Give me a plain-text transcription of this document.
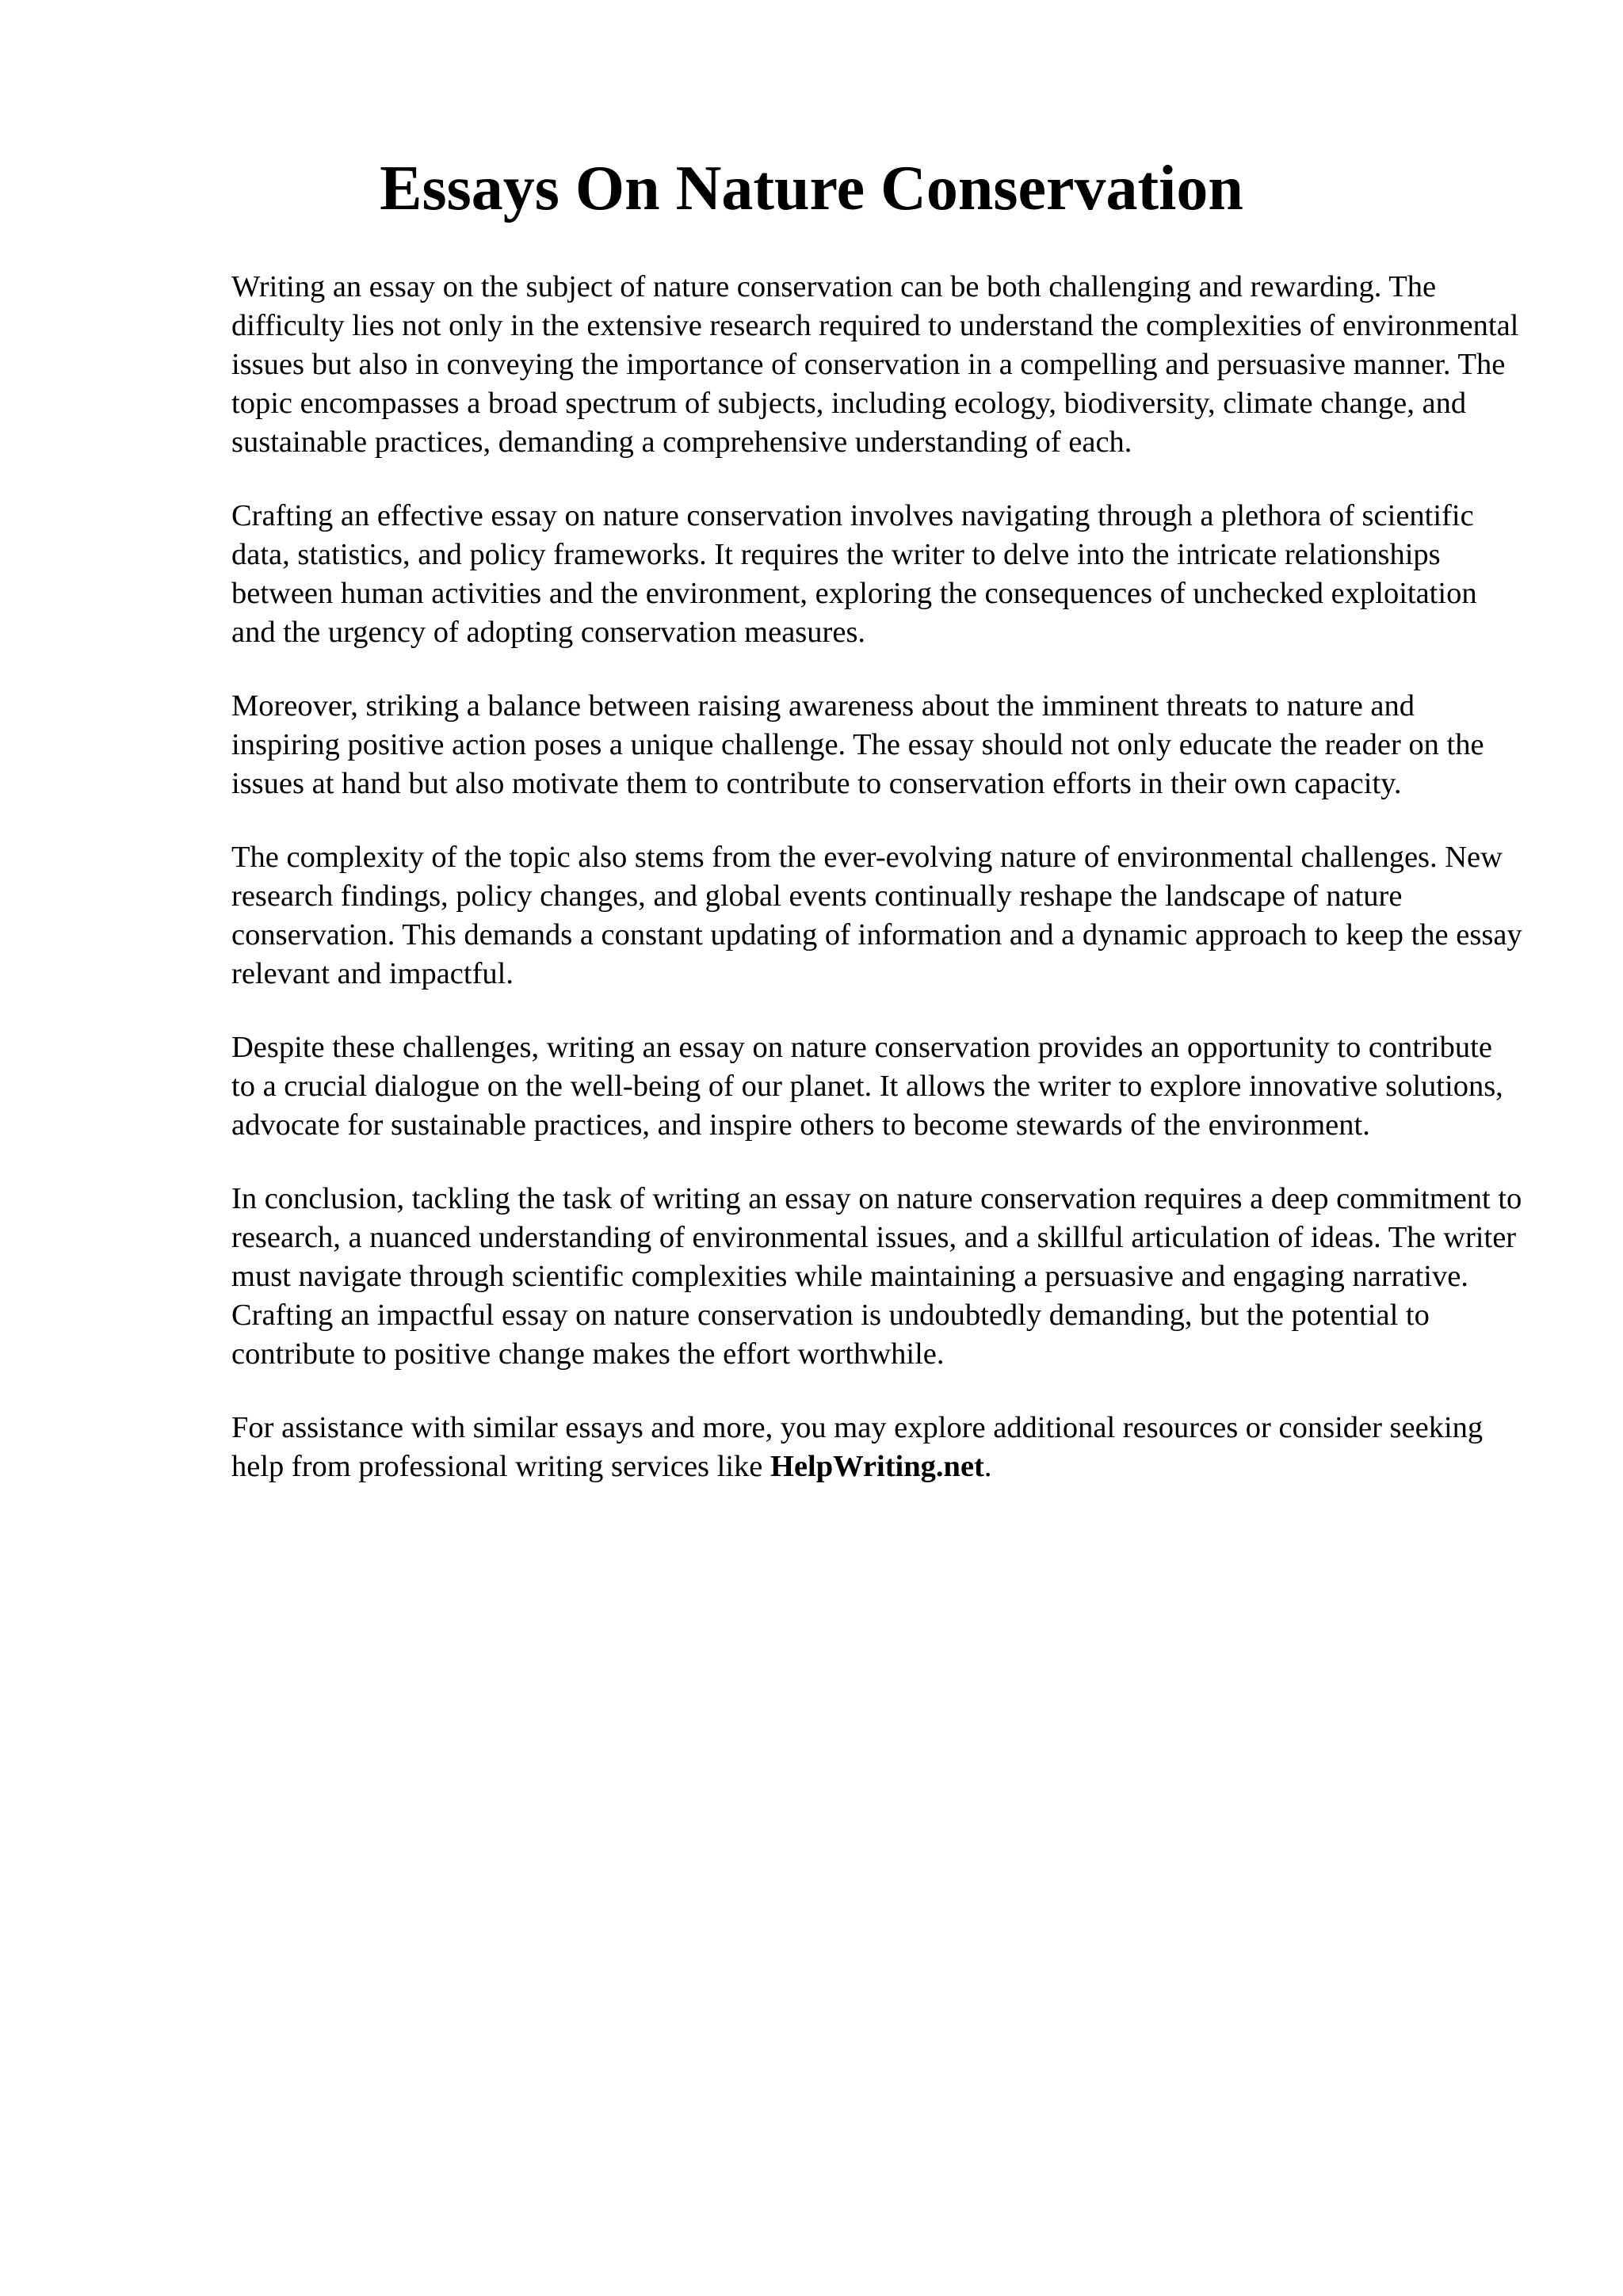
Essays On Nature Conservation

Writing an essay on the subject of nature conservation can be both challenging and rewarding. The difficulty lies not only in the extensive research required to understand the complexities of environmental issues but also in conveying the importance of conservation in a compelling and persuasive manner. The topic encompasses a broad spectrum of subjects, including ecology, biodiversity, climate change, and sustainable practices, demanding a comprehensive understanding of each.

Crafting an effective essay on nature conservation involves navigating through a plethora of scientific data, statistics, and policy frameworks. It requires the writer to delve into the intricate relationships between human activities and the environment, exploring the consequences of unchecked exploitation and the urgency of adopting conservation measures.

Moreover, striking a balance between raising awareness about the imminent threats to nature and inspiring positive action poses a unique challenge. The essay should not only educate the reader on the issues at hand but also motivate them to contribute to conservation efforts in their own capacity.

The complexity of the topic also stems from the ever-evolving nature of environmental challenges. New research findings, policy changes, and global events continually reshape the landscape of nature conservation. This demands a constant updating of information and a dynamic approach to keep the essay relevant and impactful.

Despite these challenges, writing an essay on nature conservation provides an opportunity to contribute to a crucial dialogue on the well-being of our planet. It allows the writer to explore innovative solutions, advocate for sustainable practices, and inspire others to become stewards of the environment.

In conclusion, tackling the task of writing an essay on nature conservation requires a deep commitment to research, a nuanced understanding of environmental issues, and a skillful articulation of ideas. The writer must navigate through scientific complexities while maintaining a persuasive and engaging narrative. Crafting an impactful essay on nature conservation is undoubtedly demanding, but the potential to contribute to positive change makes the effort worthwhile.

For assistance with similar essays and more, you may explore additional resources or consider seeking help from professional writing services like HelpWriting.net.
